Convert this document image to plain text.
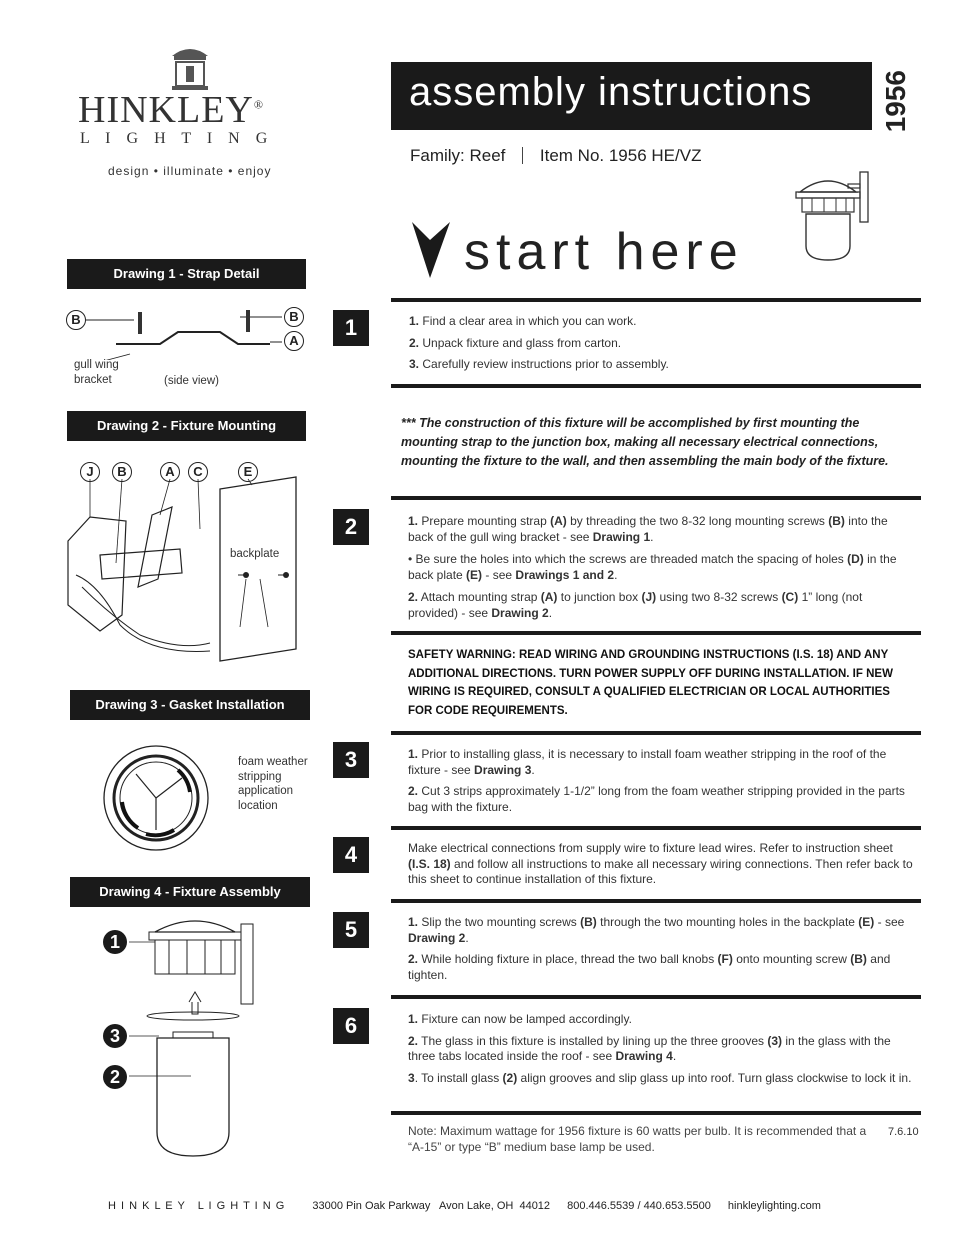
HINKLEY®
L I G H T I N G
design • illuminate • enjoy
assembly instructions 1956
Family: Reef Item No. 1956 HE/VZ
start here
Drawing 1 - Strap Detail
B	B
A
gull wing bracket	(side view)
Drawing 2 - Fixture Mounting
J	B	A	C	E
backplate
Drawing 3 - Gasket Installation
foam weather stripping application location
Drawing 4 - Fixture Assembly
1
3
2
1	1. Find a clear area in which you can work.

2. Unpack fixture and glass from carton.

3. Carefully review instructions prior to assembly.

*** The construction of this fixture will be accomplished by first mounting the mounting strap to the junction box, making all necessary electrical connections, mounting the fixture to the wall, and then assembling the main body of the fixture.
2	1. Prepare mounting strap (A) by threading the two 8-32 long mounting screws (B) into the back of the gull wing bracket - see Drawing 1.

• Be sure the holes into which the screws are threaded match the spacing of holes (D) in the back plate (E) - see Drawings 1 and 2.

2. Attach mounting strap (A) to junction box (J) using two 8-32 screws (C) 1” long (not provided) - see Drawing 2.

SAFETY WARNING: READ WIRING AND GROUNDING INSTRUCTIONS (I.S. 18) AND ANY ADDITIONAL DIRECTIONS. TURN POWER SUPPLY OFF DURING INSTALLATION. IF NEW WIRING IS REQUIRED, CONSULT A QUALIFIED ELECTRICIAN OR LOCAL AUTHORITIES FOR CODE REQUIREMENTS.
3	1. Prior to installing glass, it is necessary to install foam weather stripping in the roof of the fixture - see Drawing 3.

2. Cut 3 strips approximately 1-1/2” long from the foam weather stripping provided in the parts bag with the fixture.

4	Make electrical connections from supply wire to fixture lead wires. Refer to instruction sheet (I.S. 18) and follow all instructions to make all necessary wiring connections. Then refer back to this sheet to continue installation of this fixture.

5	1. Slip the two mounting screws (B) through the two mounting holes in the backplate (E) - see Drawing 2.

2. While holding fixture in place, thread the two ball knobs (F) onto mounting screw (B) and tighten.

6	1. Fixture can now be lamped accordingly.

2. The glass in this fixture is installed by lining up the three grooves (3) in the glass with the three tabs located inside the roof - see Drawing 4.

3. To install glass (2) align grooves and slip glass up into roof. Turn glass clockwise to lock it in.

Note: Maximum wattage for 1956 fixture is 60 watts per bulb. It is recommended that a “A-15” or type “B” medium base lamp be used.
7.6.10
H I N K L E Y   L I G H T I N G 33000 Pin Oak Parkway   Avon Lake, OH  44012 800.446.5539 / 440.653.5500 hinkleylighting.com
